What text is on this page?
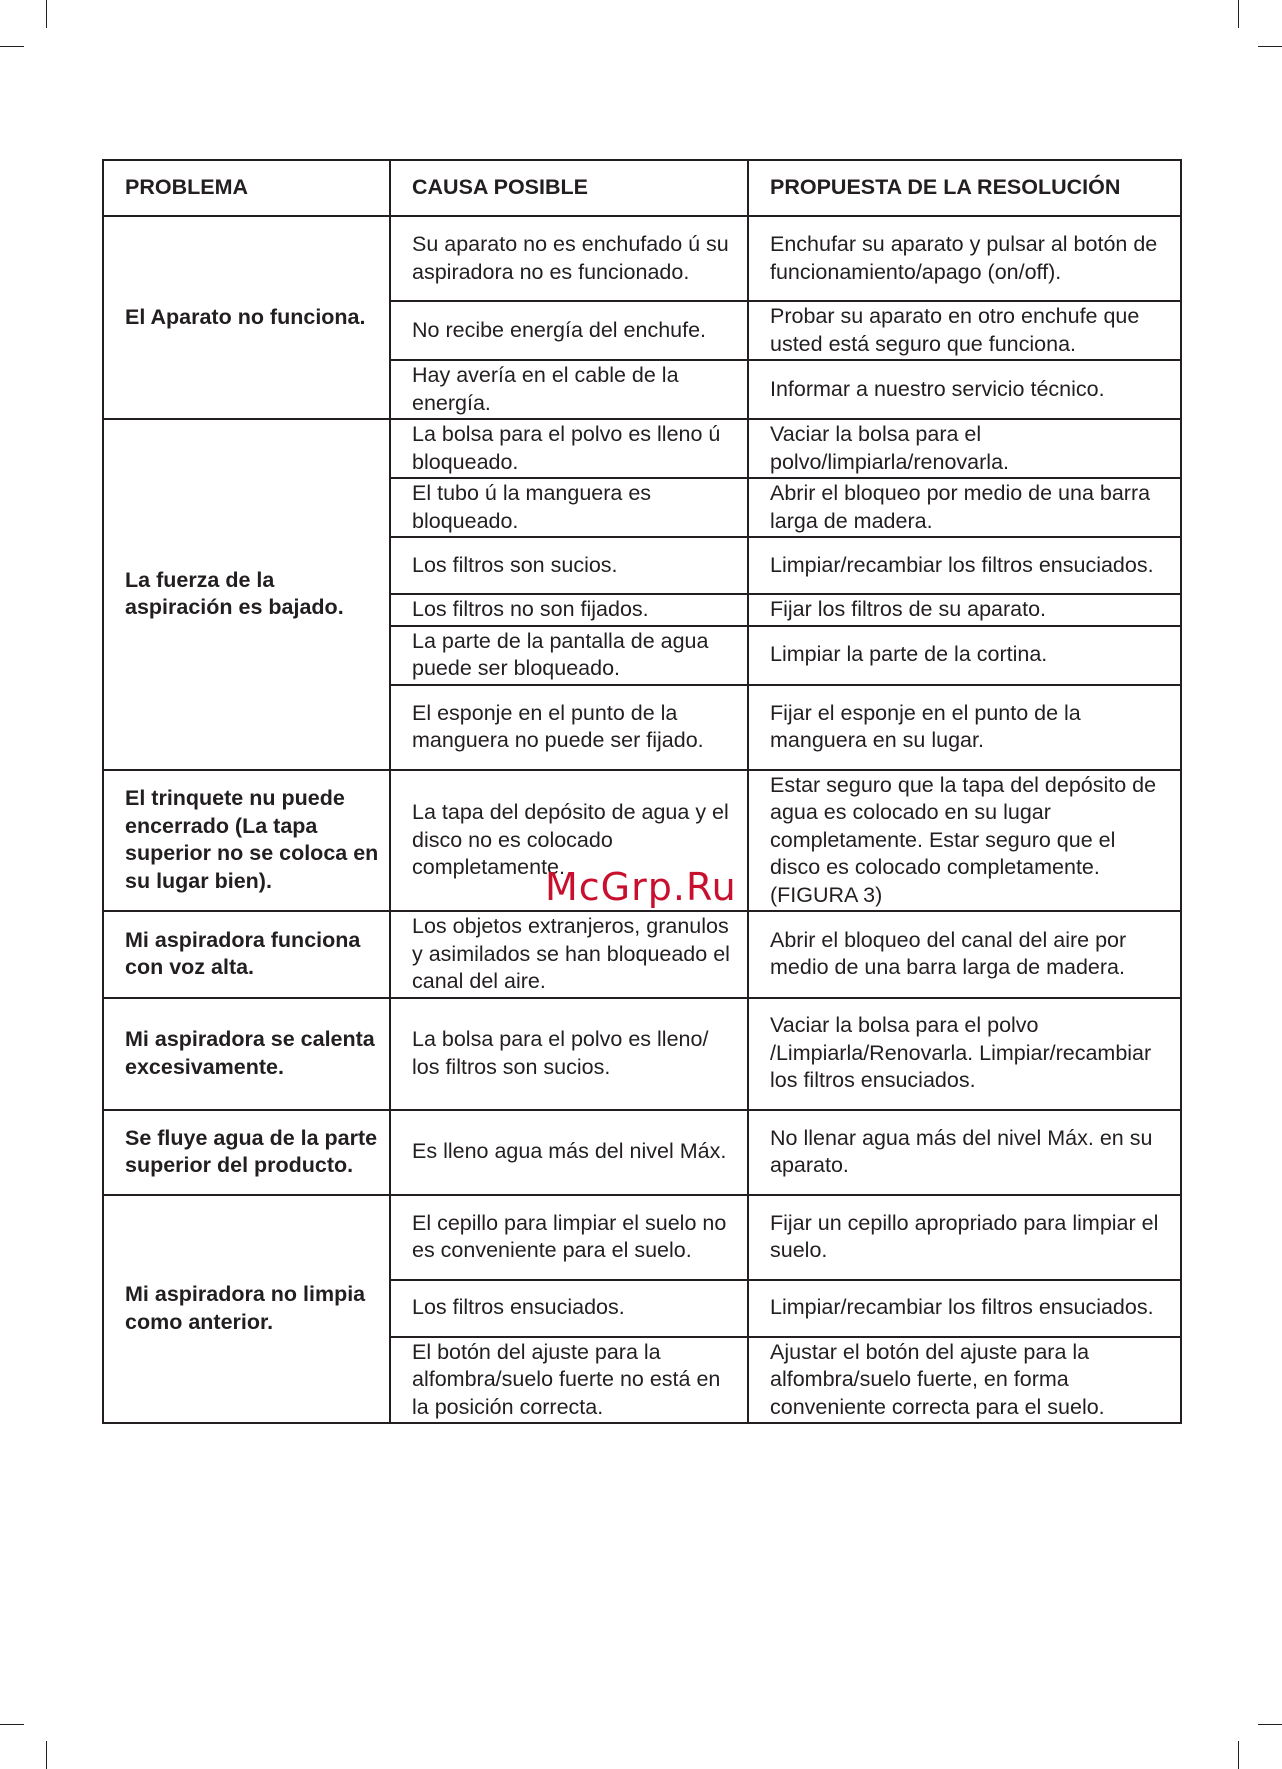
PROBLEMA	CAUSA POSIBLE	PROPUESTA DE LA RESOLUCIÓN
El Aparato no funciona.	Su aparato no es enchufado ú su aspiradora no es funcionado.	Enchufar su aparato y pulsar al botón de funcionamiento/apago (on/off).
	No recibe energía del enchufe.	Probar su aparato en otro enchufe que usted está seguro que funciona.
	Hay avería en el cable de la energía.	Informar a nuestro servicio técnico.
La fuerza de la aspiración es bajado.	La bolsa para el polvo es lleno ú bloqueado.	Vaciar la bolsa para el polvo/limpiarla/renovarla.
	El tubo ú la manguera es bloqueado.	Abrir el bloqueo por medio de una barra larga de madera.
	Los filtros son sucios.	Limpiar/recambiar los filtros ensuciados.
	Los filtros no son fijados.	Fijar los filtros de su aparato.
	La parte de la pantalla de agua puede ser bloqueado.	Limpiar la parte de la cortina.
	El esponje en el punto de la manguera no puede ser fijado.	Fijar el esponje en el punto de la manguera en su lugar.
El trinquete nu puede encerrado (La tapa superior no se coloca en su lugar bien).	La tapa del depósito de agua y el disco no es colocado completamente.	Estar seguro que la tapa del depósito de agua es colocado en su lugar completamente. Estar seguro que el disco es colocado completamente.(FIGURA 3)
Mi aspiradora funciona con voz alta.	Los objetos extranjeros, granulos y asimilados se han bloqueado el canal del aire.	Abrir el bloqueo del canal del aire por medio de una barra larga de madera.
Mi aspiradora se calenta excesivamente.	La bolsa para el polvo es lleno/ los filtros son sucios.	Vaciar la bolsa para el polvo /Limpiarla/Renovarla. Limpiar/recambiar los filtros ensuciados.
Se fluye agua de la parte superior del producto.	Es lleno agua más del nivel Máx.	No llenar agua más del nivel Máx. en su aparato.
Mi aspiradora no limpia como anterior.	El cepillo para limpiar el suelo no es conveniente para el suelo.	Fijar un cepillo apropriado para limpiar el suelo.
	Los filtros ensuciados.	Limpiar/recambiar los filtros ensuciados.
	El botón del ajuste para la alfombra/suelo fuerte no está en la posición correcta.	Ajustar el botón del ajuste para la alfombra/suelo fuerte, en forma conveniente correcta para el suelo.
McGrp.Ru
